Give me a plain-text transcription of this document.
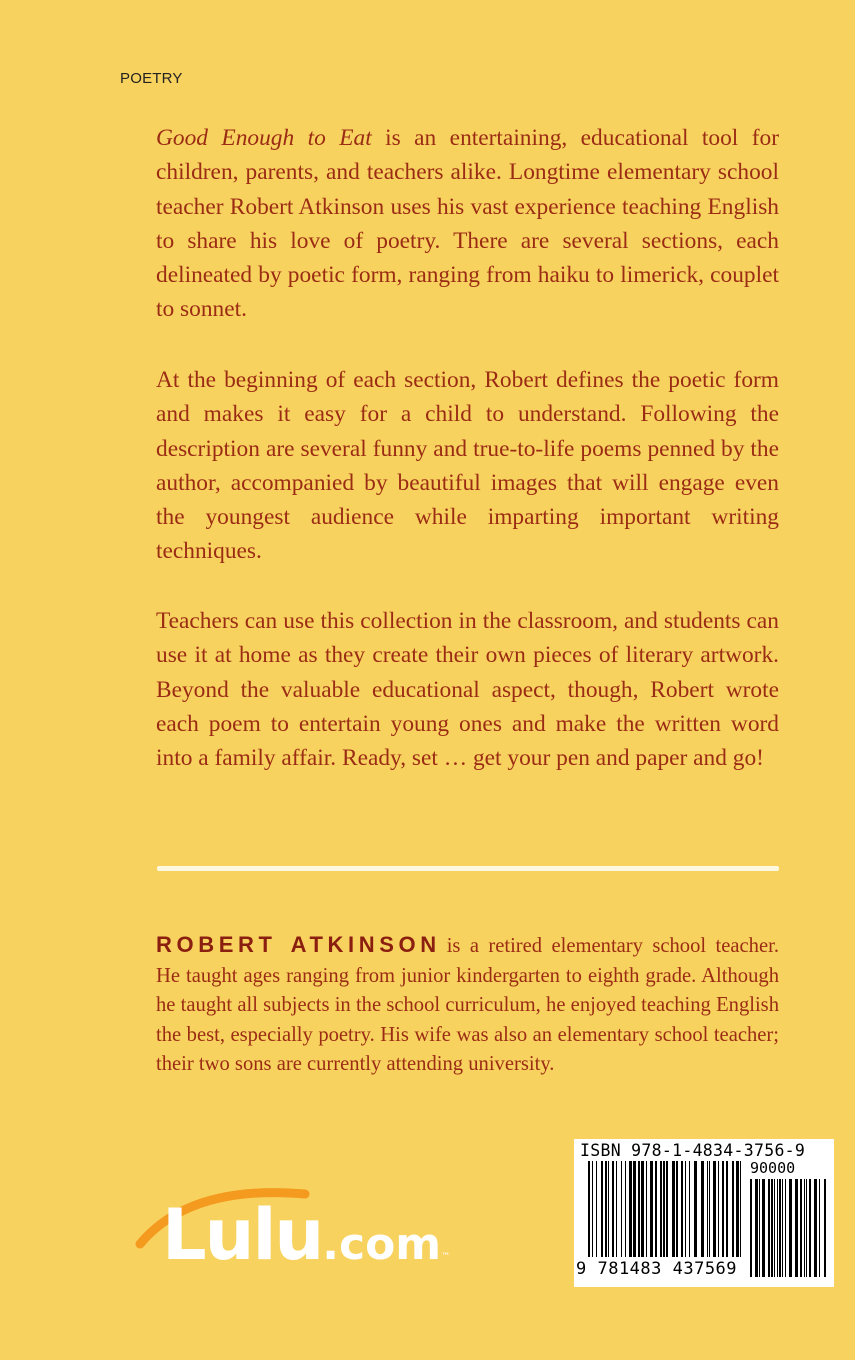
POETRY

Good Enough to Eat is an entertaining, educational tool for children, parents, and teachers alike. Longtime elementary school teacher Robert Atkinson uses his vast experience teaching English to share his love of poetry. There are several sections, each delineated by poetic form, ranging from haiku to limerick, couplet to sonnet.

At the beginning of each section, Robert defines the poetic form and makes it easy for a child to understand. Following the description are several funny and true-to-life poems penned by the author, accompanied by beautiful images that will engage even the youngest audience while imparting important writing techniques.

Teachers can use this collection in the classroom, and students can use it at home as they create their own pieces of literary artwork. Beyond the valuable educational aspect, though, Robert wrote each poem to entertain young ones and make the written word into a family affair. Ready, set … get your pen and paper and go!

ROBERT ATKINSON is a retired elementary school teacher. He taught ages ranging from junior kindergarten to eighth grade. Although he taught all subjects in the school curriculum, he enjoyed teaching English the best, especially poetry. His wife was also an elementary school teacher; their two sons are currently attending university.

Lulu.com™
ISBN 978-1-4834-3756-9
90000
9 781483 437569
